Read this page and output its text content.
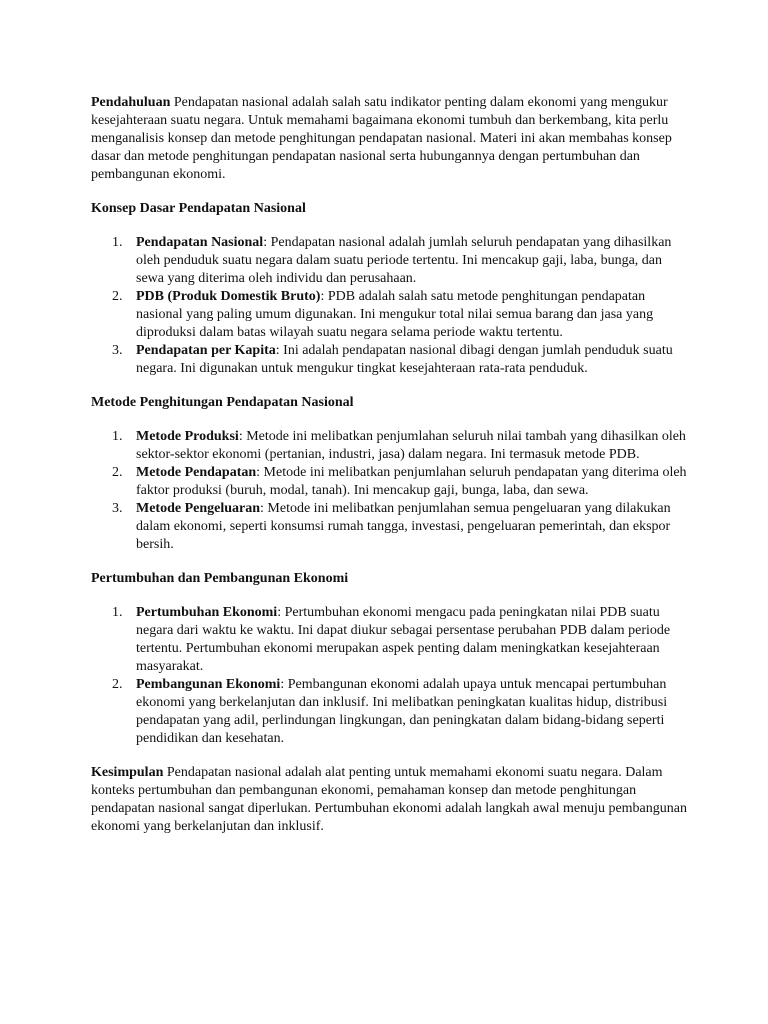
Pendahuluan Pendapatan nasional adalah salah satu indikator penting dalam ekonomi yang mengukur kesejahteraan suatu negara. Untuk memahami bagaimana ekonomi tumbuh dan berkembang, kita perlu menganalisis konsep dan metode penghitungan pendapatan nasional. Materi ini akan membahas konsep dasar dan metode penghitungan pendapatan nasional serta hubungannya dengan pertumbuhan dan pembangunan ekonomi.

Konsep Dasar Pendapatan Nasional

1. Pendapatan Nasional: Pendapatan nasional adalah jumlah seluruh pendapatan yang dihasilkan oleh penduduk suatu negara dalam suatu periode tertentu. Ini mencakup gaji, laba, bunga, dan sewa yang diterima oleh individu dan perusahaan.
2. PDB (Produk Domestik Bruto): PDB adalah salah satu metode penghitungan pendapatan nasional yang paling umum digunakan. Ini mengukur total nilai semua barang dan jasa yang diproduksi dalam batas wilayah suatu negara selama periode waktu tertentu.
3. Pendapatan per Kapita: Ini adalah pendapatan nasional dibagi dengan jumlah penduduk suatu negara. Ini digunakan untuk mengukur tingkat kesejahteraan rata-rata penduduk.

Metode Penghitungan Pendapatan Nasional

1. Metode Produksi: Metode ini melibatkan penjumlahan seluruh nilai tambah yang dihasilkan oleh sektor-sektor ekonomi (pertanian, industri, jasa) dalam negara. Ini termasuk metode PDB.
2. Metode Pendapatan: Metode ini melibatkan penjumlahan seluruh pendapatan yang diterima oleh faktor produksi (buruh, modal, tanah). Ini mencakup gaji, bunga, laba, dan sewa.
3. Metode Pengeluaran: Metode ini melibatkan penjumlahan semua pengeluaran yang dilakukan dalam ekonomi, seperti konsumsi rumah tangga, investasi, pengeluaran pemerintah, dan ekspor bersih.

Pertumbuhan dan Pembangunan Ekonomi

1. Pertumbuhan Ekonomi: Pertumbuhan ekonomi mengacu pada peningkatan nilai PDB suatu negara dari waktu ke waktu. Ini dapat diukur sebagai persentase perubahan PDB dalam periode tertentu. Pertumbuhan ekonomi merupakan aspek penting dalam meningkatkan kesejahteraan masyarakat.
2. Pembangunan Ekonomi: Pembangunan ekonomi adalah upaya untuk mencapai pertumbuhan ekonomi yang berkelanjutan dan inklusif. Ini melibatkan peningkatan kualitas hidup, distribusi pendapatan yang adil, perlindungan lingkungan, dan peningkatan dalam bidang-bidang seperti pendidikan dan kesehatan.

Kesimpulan Pendapatan nasional adalah alat penting untuk memahami ekonomi suatu negara. Dalam konteks pertumbuhan dan pembangunan ekonomi, pemahaman konsep dan metode penghitungan pendapatan nasional sangat diperlukan. Pertumbuhan ekonomi adalah langkah awal menuju pembangunan ekonomi yang berkelanjutan dan inklusif.
